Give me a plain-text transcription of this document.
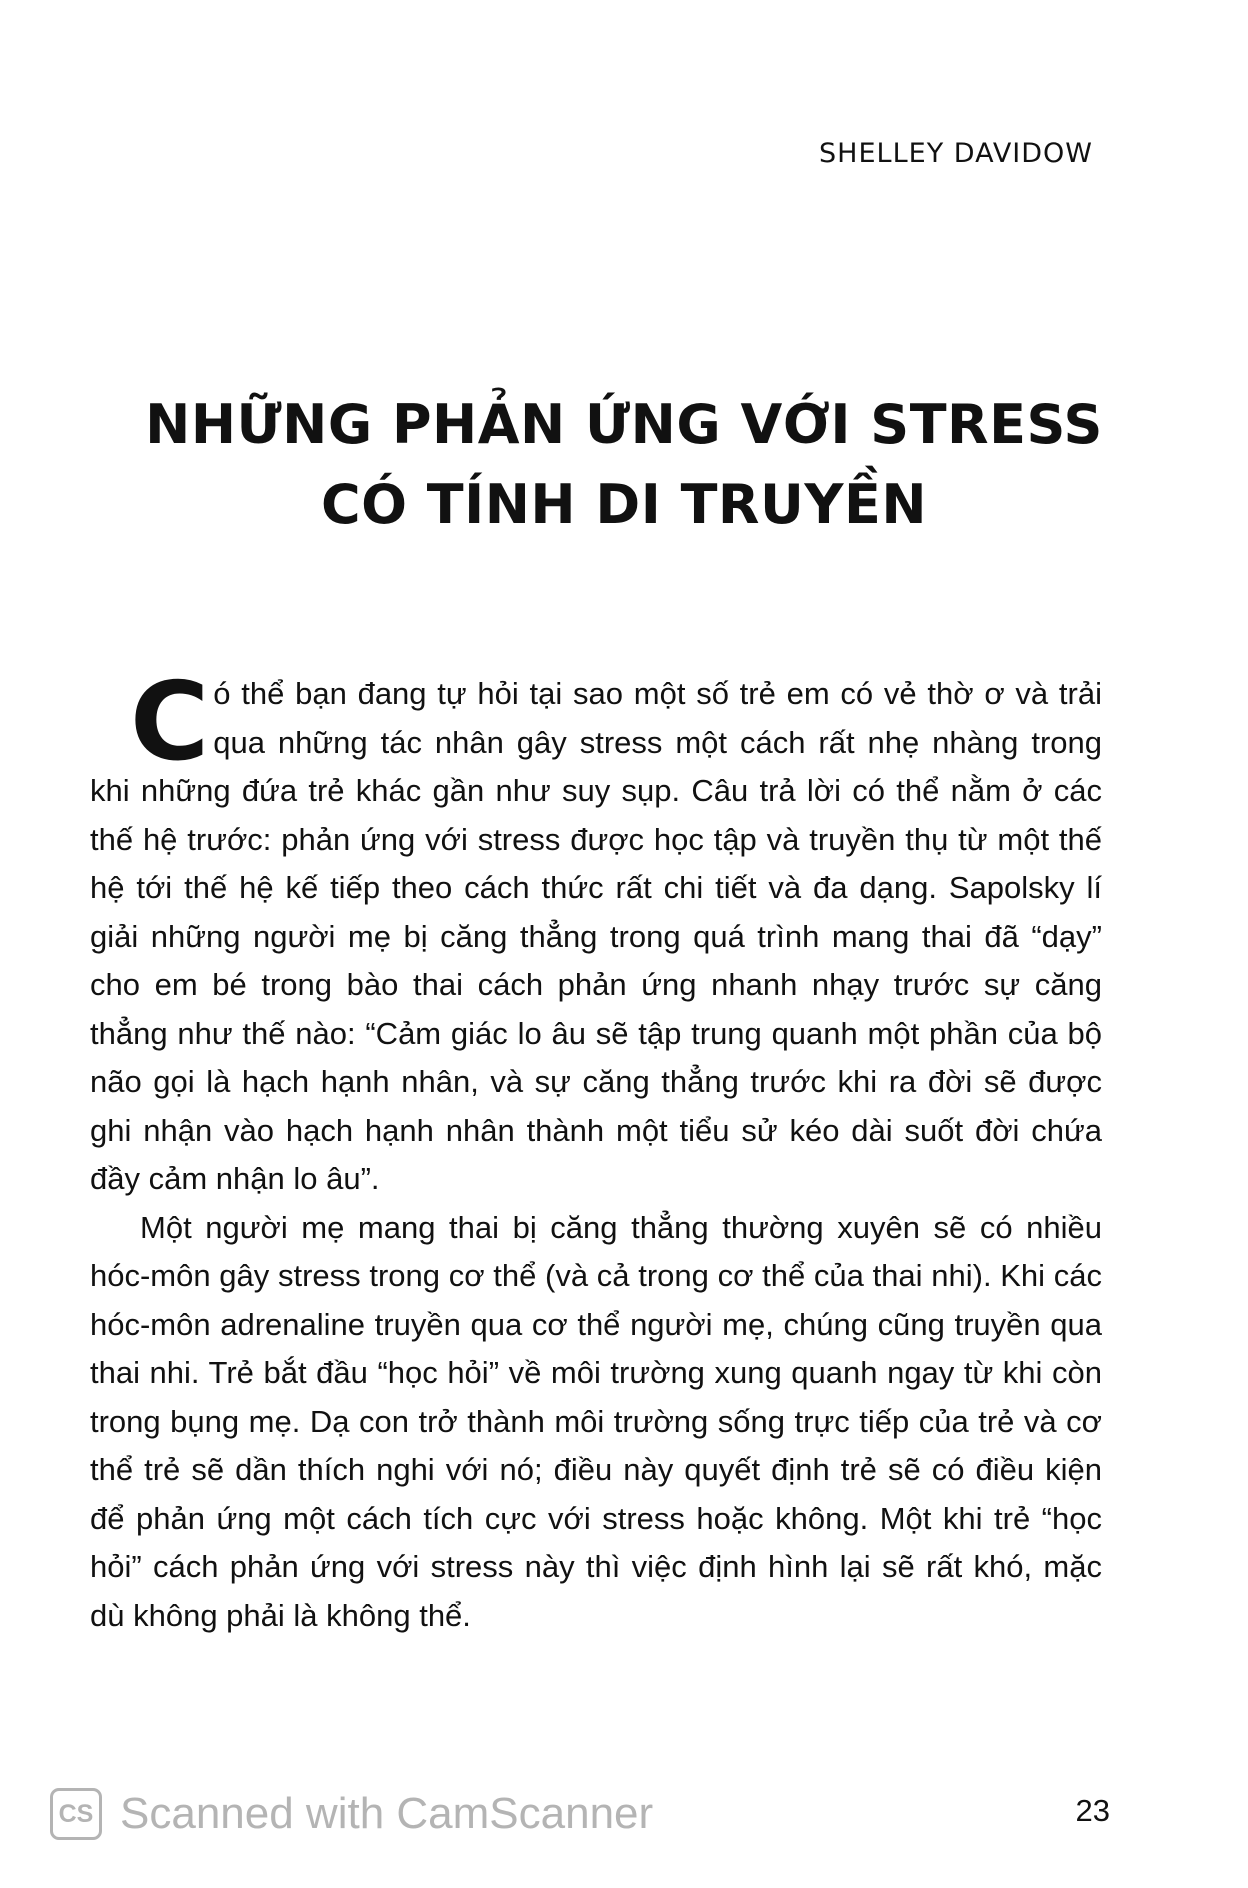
SHELLEY DAVIDOW
NHỮNG PHẢN ỨNG VỚI STRESS
CÓ TÍNH DI TRUYỀN

Có thể bạn đang tự hỏi tại sao một số trẻ em có vẻ thờ ơ và trải qua những tác nhân gây stress một cách rất nhẹ nhàng trong khi những đứa trẻ khác gần như suy sụp. Câu trả lời có thể nằm ở các thế hệ trước: phản ứng với stress được học tập và truyền thụ từ một thế hệ tới thế hệ kế tiếp theo cách thức rất chi tiết và đa dạng. Sapolsky lí giải những người mẹ bị căng thẳng trong quá trình mang thai đã “dạy” cho em bé trong bào thai cách phản ứng nhanh nhạy trước sự căng thẳng như thế nào: “Cảm giác lo âu sẽ tập trung quanh một phần của bộ não gọi là hạch hạnh nhân, và sự căng thẳng trước khi ra đời sẽ được ghi nhận vào hạch hạnh nhân thành một tiểu sử kéo dài suốt đời chứa đầy cảm nhận lo âu”.

Một người mẹ mang thai bị căng thẳng thường xuyên sẽ có nhiều hóc-môn gây stress trong cơ thể (và cả trong cơ thể của thai nhi). Khi các hóc-môn adrenaline truyền qua cơ thể người mẹ, chúng cũng truyền qua thai nhi. Trẻ bắt đầu “học hỏi” về môi trường xung quanh ngay từ khi còn trong bụng mẹ. Dạ con trở thành môi trường sống trực tiếp của trẻ và cơ thể trẻ sẽ dần thích nghi với nó; điều này quyết định trẻ sẽ có điều kiện để phản ứng một cách tích cực với stress hoặc không. Một khi trẻ “học hỏi” cách phản ứng với stress này thì việc định hình lại sẽ rất khó, mặc dù không phải là không thể.

23
CS Scanned with CamScanner
